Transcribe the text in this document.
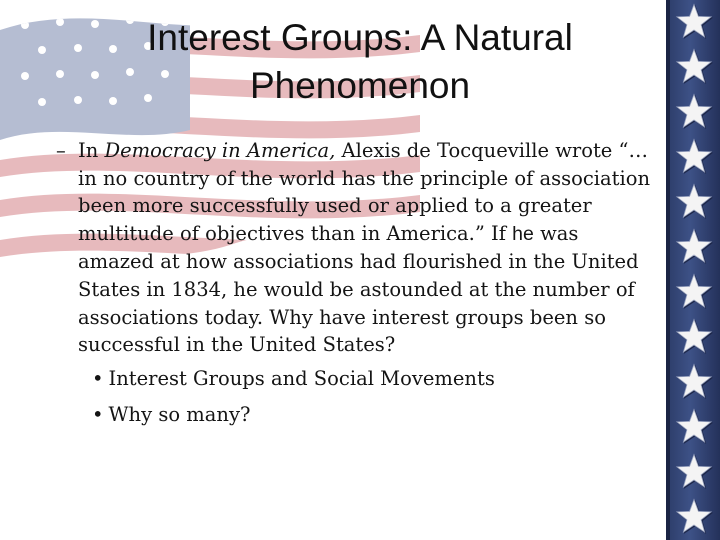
Interest Groups: A Natural
Phenomenon

– In Democracy in America, Alexis de Tocqueville wrote “…in no country of the world has the principle of association been more successfully used or applied to a greater multitude of objectives than in America.” If he was amazed at how associations had flourished in the United States in 1834, he would be astounded at the number of associations today. Why have interest groups been so successful in the United States?

• Interest Groups and Social Movements
• Why so many?
